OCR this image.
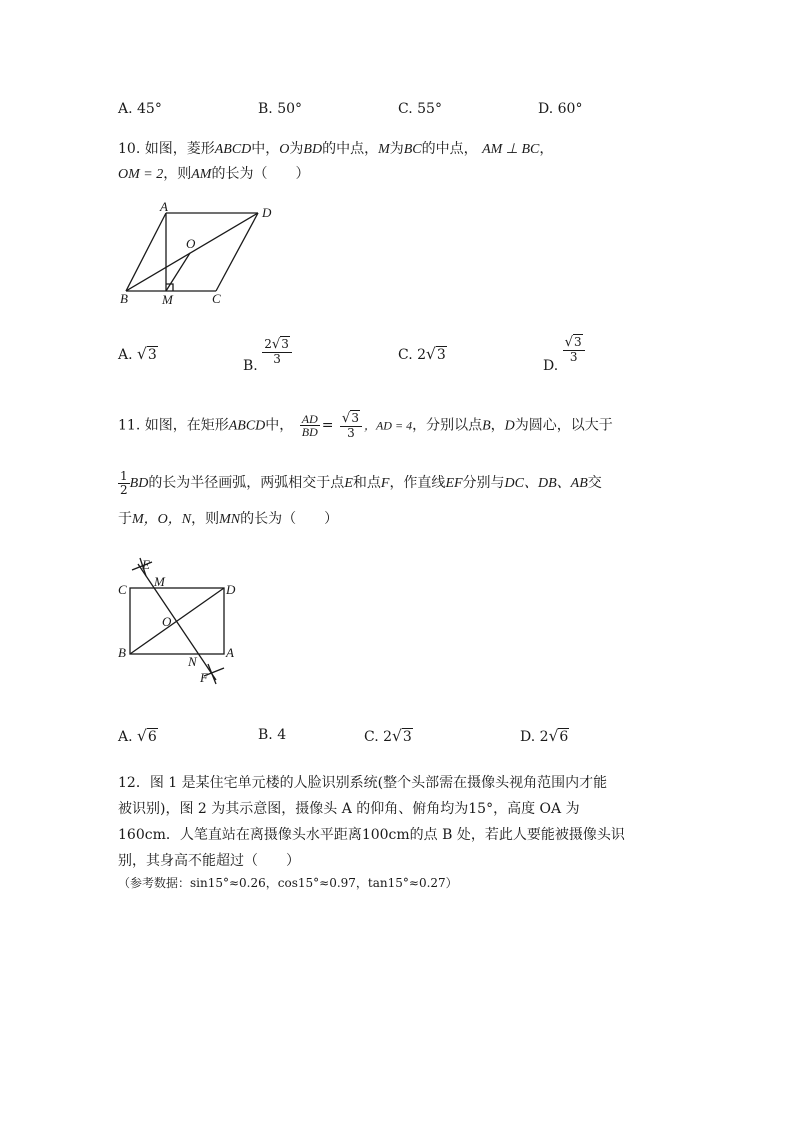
A. 45°	B. 50°	C. 55°	D. 60°
10. 如图，菱形ABCD中，O为BD的中点，M为BC的中点， AM ⊥ BC，
OM = 2，则AM的长为（　　）
A	D
O
B	M	C
A. √3
B.
$\frac{2√3}{3}$	C. 2√3
D.
$\frac{√3}{3}$
11. 如图，在矩形ABCD中， $\frac{AD}{BD} = \frac{√3}{3}$ ，AD = 4，分别以点B，D为圆心，以大于
$\frac{1}{2}$ BD的长为半径画弧，两弧相交于点E和点F，作直线EF分别与DC、DB、AB交
于M，O，N，则MN的长为（　　）
E
M
C	D
O
B
N
A
F
A. √6	B. 4	C. 2√3	D. 2√6
12．图 1 是某住宅单元楼的人脸识别系统(整个头部需在摄像头视角范围内才能
被识别)，图 2 为其示意图，摄像头 A 的仰角、俯角均为15°，高度 OA 为
160cm．人笔直站在离摄像头水平距离100cm的点 B 处，若此人要能被摄像头识
别，其身高不能超过（　　）
（参考数据：sin15°≈0.26，cos15°≈0.97，tan15°≈0.27）
